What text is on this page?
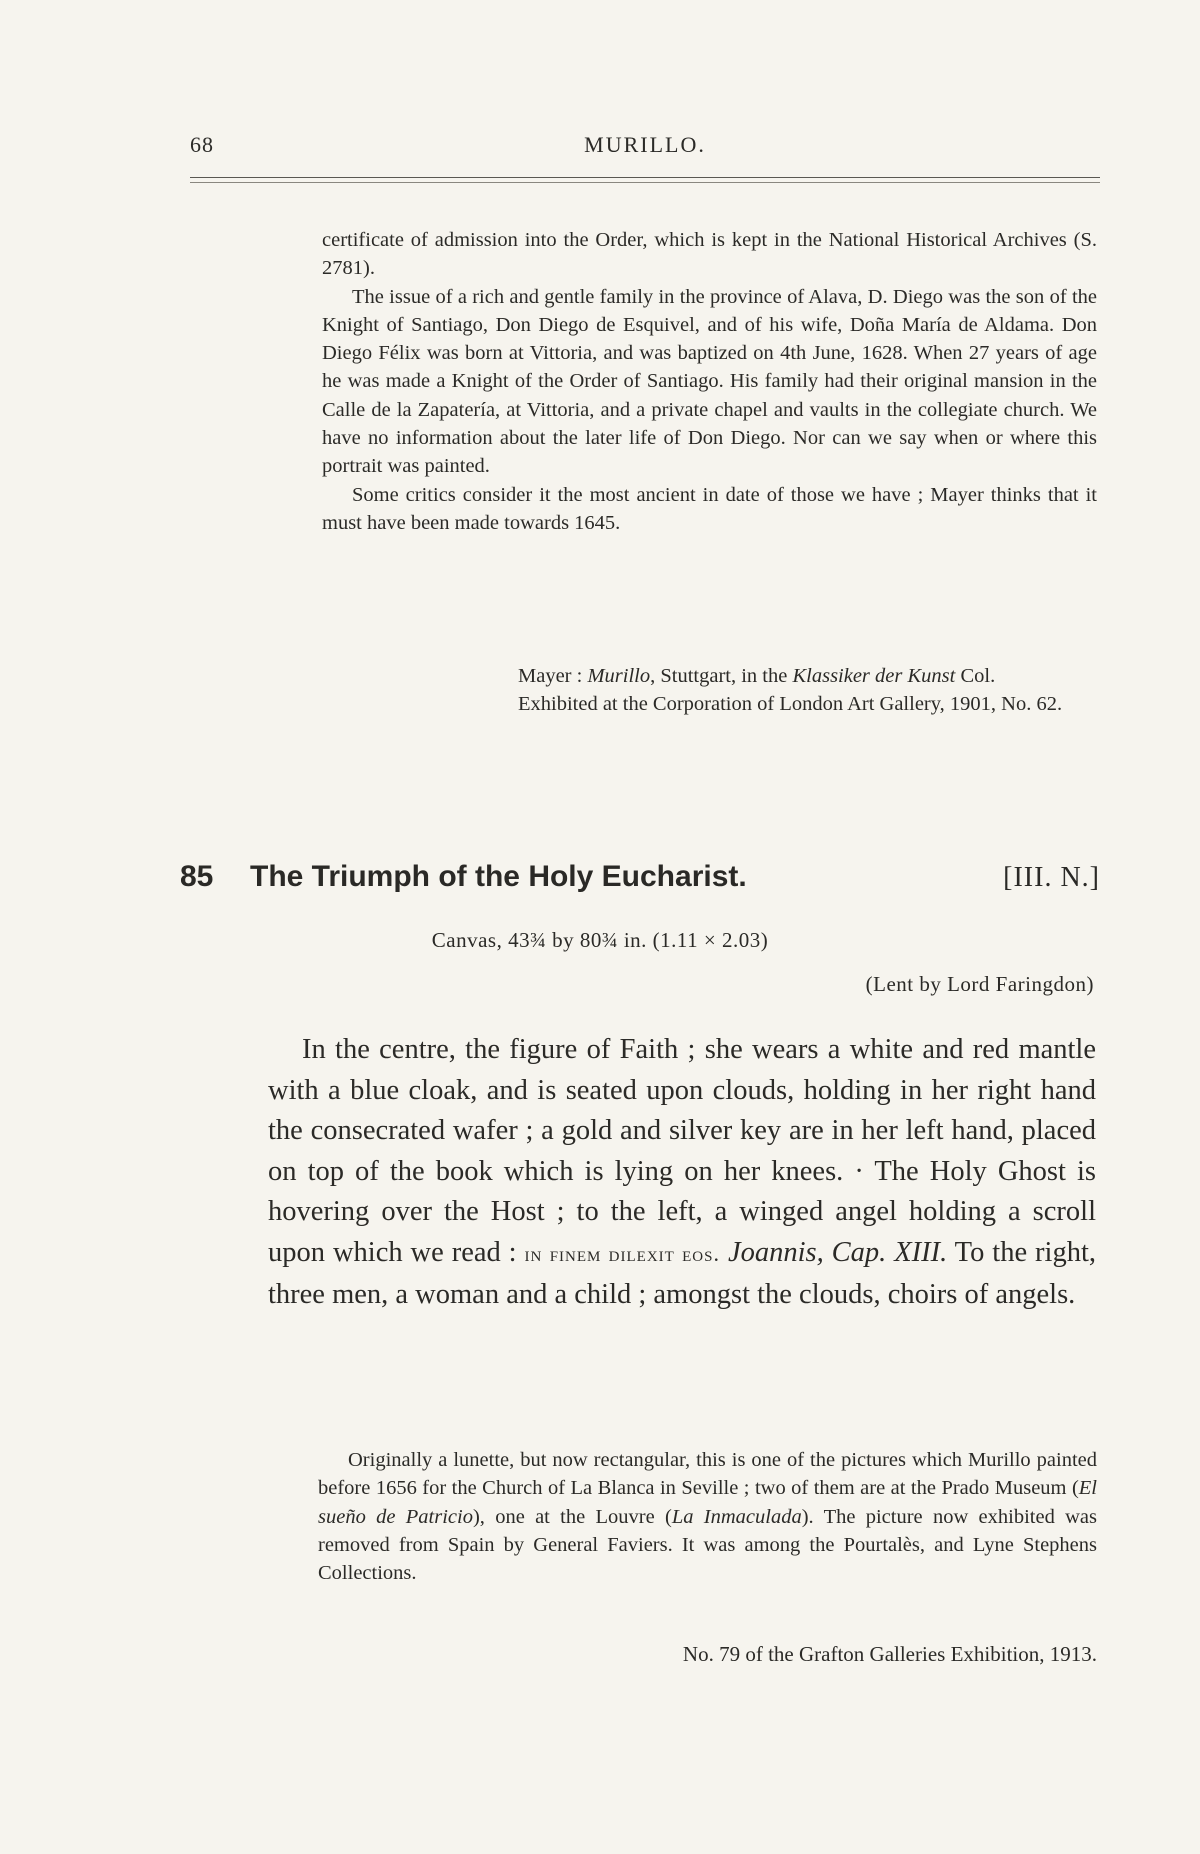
68	MURILLO.

certificate of admission into the Order, which is kept in the National Historical Archives (S. 2781).

The issue of a rich and gentle family in the province of Alava, D. Diego was the son of the Knight of Santiago, Don Diego de Esquivel, and of his wife, Doña María de Aldama. Don Diego Félix was born at Vittoria, and was baptized on 4th June, 1628. When 27 years of age he was made a Knight of the Order of Santiago. His family had their original mansion in the Calle de la Zapatería, at Vittoria, and a private chapel and vaults in the collegiate church. We have no information about the later life of Don Diego. Nor can we say when or where this portrait was painted.

Some critics consider it the most ancient in date of those we have ; Mayer thinks that it must have been made towards 1645.

Mayer : Murillo, Stuttgart, in the Klassiker der Kunst Col.

Exhibited at the Corporation of London Art Gallery, 1901, No. 62.

85 The Triumph of the Holy Eucharist.	[III. N.]
Canvas, 43¾ by 80¾ in. (1.11 × 2.03)
(Lent by Lord Faringdon)

In the centre, the figure of Faith ; she wears a white and red mantle with a blue cloak, and is seated upon clouds, holding in her right hand the consecrated wafer ; a gold and silver key are in her left hand, placed on top of the book which is lying on her knees. · The Holy Ghost is hovering over the Host ; to the left, a winged angel holding a scroll upon which we read : in finem dilexit eos. Joannis, Cap. XIII. To the right, three men, a woman and a child ; amongst the clouds, choirs of angels.

Originally a lunette, but now rectangular, this is one of the pictures which Murillo painted before 1656 for the Church of La Blanca in Seville ; two of them are at the Prado Museum (El sueño de Patricio), one at the Louvre (La Inmaculada). The picture now exhibited was removed from Spain by General Faviers. It was among the Pourtalès, and Lyne Stephens Collections.

No. 79 of the Grafton Galleries Exhibition, 1913.
